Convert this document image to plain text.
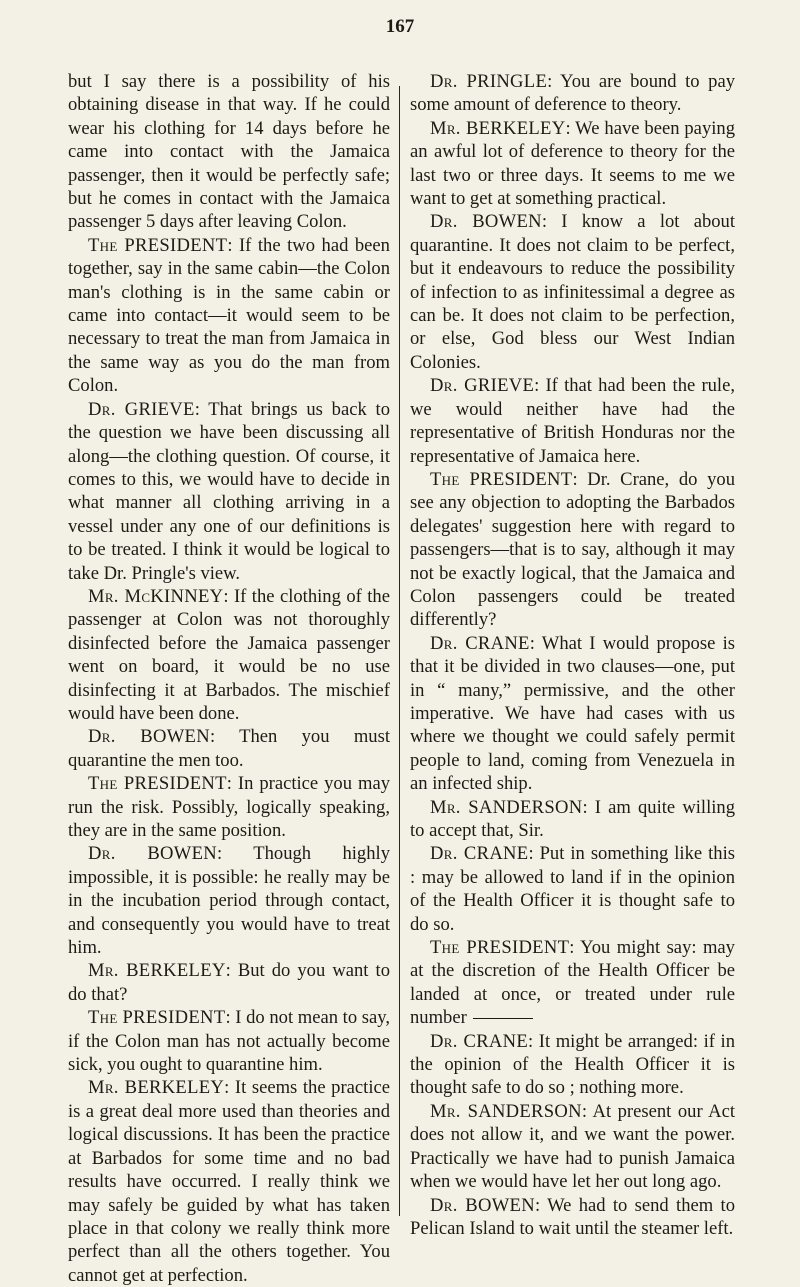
167

but I say there is a possibility of his obtaining disease in that way. If he could wear his clothing for 14 days before he came into contact with the Jamaica passenger, then it would be perfectly safe; but he comes in contact with the Jamaica passenger 5 days after leaving Colon.

The PRESIDENT: If the two had been together, say in the same cabin—the Colon man's clothing is in the same cabin or came into contact—it would seem to be necessary to treat the man from Jamaica in the same way as you do the man from Colon.

Dr. GRIEVE: That brings us back to the question we have been discussing all along—the clothing question. Of course, it comes to this, we would have to decide in what manner all clothing arriving in a vessel under any one of our definitions is to be treated. I think it would be logical to take Dr. Pringle's view.

Mr. McKINNEY: If the clothing of the passenger at Colon was not thoroughly disinfected before the Jamaica passenger went on board, it would be no use disinfecting it at Barbados. The mischief would have been done.

Dr. BOWEN: Then you must quarantine the men too.

The PRESIDENT: In practice you may run the risk. Possibly, logically speaking, they are in the same position.

Dr. BOWEN: Though highly impossible, it is possible: he really may be in the incubation period through contact, and consequently you would have to treat him.

Mr. BERKELEY: But do you want to do that?

The PRESIDENT: I do not mean to say, if the Colon man has not actually become sick, you ought to quarantine him.

Mr. BERKELEY: It seems the practice is a great deal more used than theories and logical discussions. It has been the practice at Barbados for some time and no bad results have occurred. I really think we may safely be guided by what has taken place in that colony we really think more perfect than all the others together. You cannot get at perfection.

Dr. PRINGLE: You are bound to pay some amount of deference to theory.

Mr. BERKELEY: We have been paying an awful lot of deference to theory for the last two or three days. It seems to me we want to get at something practical.

Dr. BOWEN: I know a lot about quarantine. It does not claim to be perfect, but it endeavours to reduce the possibility of infection to as infinitessimal a degree as can be. It does not claim to be perfection, or else, God bless our West Indian Colonies.

Dr. GRIEVE: If that had been the rule, we would neither have had the representative of British Honduras nor the representative of Jamaica here.

The PRESIDENT: Dr. Crane, do you see any objection to adopting the Barbados delegates' suggestion here with regard to passengers—that is to say, although it may not be exactly logical, that the Jamaica and Colon passengers could be treated differently?

Dr. CRANE: What I would propose is that it be divided in two clauses—one, put in “ many,” permissive, and the other imperative. We have had cases with us where we thought we could safely permit people to land, coming from Venezuela in an infected ship.

Mr. SANDERSON: I am quite willing to accept that, Sir.

Dr. CRANE: Put in something like this : may be allowed to land if in the opinion of the Health Officer it is thought safe to do so.

The PRESIDENT: You might say: may at the discretion of the Health Officer be landed at once, or treated under rule number

Dr. CRANE: It might be arranged: if in the opinion of the Health Officer it is thought safe to do so ; nothing more.

Mr. SANDERSON: At present our Act does not allow it, and we want the power. Practically we have had to punish Jamaica when we would have let her out long ago.

Dr. BOWEN: We had to send them to Pelican Island to wait until the steamer left.
